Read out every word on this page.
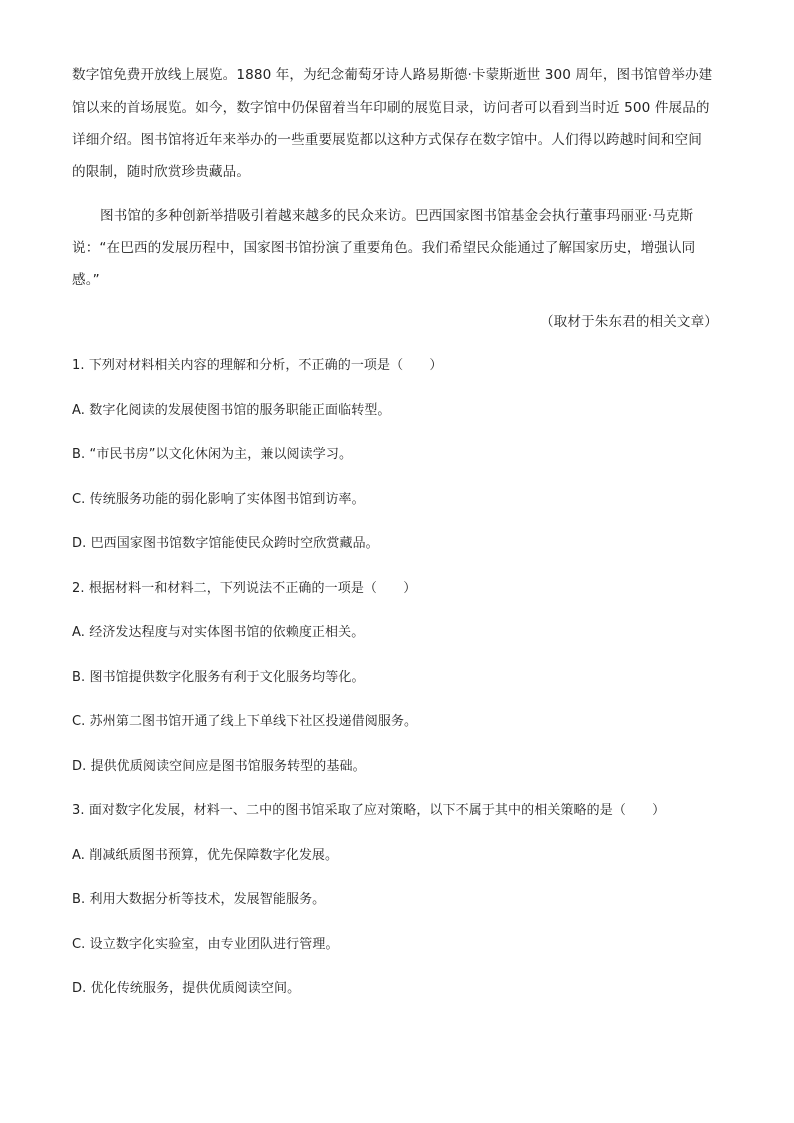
数字馆免费开放线上展览。1880 年，为纪念葡萄牙诗人路易斯德·卡蒙斯逝世 300 周年，图书馆曾举办建
馆以来的首场展览。如今，数字馆中仍保留着当年印刷的展览目录，访问者可以看到当时近 500 件展品的
详细介绍。图书馆将近年来举办的一些重要展览都以这种方式保存在数字馆中。人们得以跨越时间和空间
的限制，随时欣赏珍贵藏品。
图书馆的多种创新举措吸引着越来越多的民众来访。巴西国家图书馆基金会执行董事玛丽亚·马克斯
说：“在巴西的发展历程中，国家图书馆扮演了重要角色。我们希望民众能通过了解国家历史，增强认同
感。”
（取材于朱东君的相关文章）
1. 下列对材料相关内容的理解和分析，不正确的一项是（　　）
A. 数字化阅读的发展使图书馆的服务职能正面临转型。
B. “市民书房”以文化休闲为主，兼以阅读学习。
C. 传统服务功能的弱化影响了实体图书馆到访率。
D. 巴西国家图书馆数字馆能使民众跨时空欣赏藏品。
2. 根据材料一和材料二，下列说法不正确的一项是（　　）
A. 经济发达程度与对实体图书馆的依赖度正相关。
B. 图书馆提供数字化服务有利于文化服务均等化。
C. 苏州第二图书馆开通了线上下单线下社区投递借阅服务。
D. 提供优质阅读空间应是图书馆服务转型的基础。
3. 面对数字化发展，材料一、二中的图书馆采取了应对策略，以下不属于其中的相关策略的是（　　）
A. 削减纸质图书预算，优先保障数字化发展。
B. 利用大数据分析等技术，发展智能服务。
C. 设立数字化实验室，由专业团队进行管理。
D. 优化传统服务，提供优质阅读空间。
